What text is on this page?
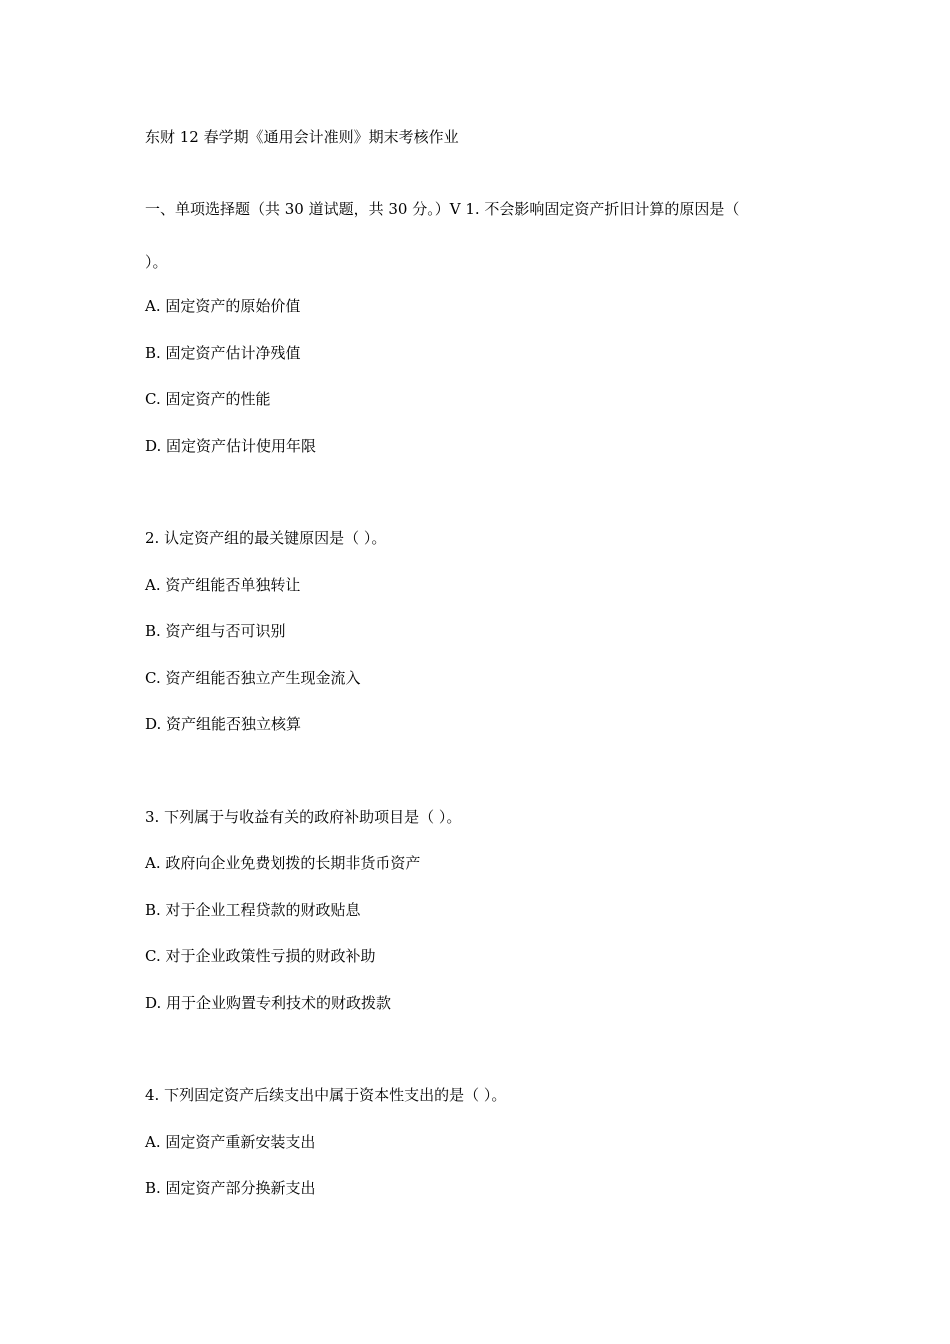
东财 12 春学期《通用会计准则》期末考核作业
一、单项选择题（共 30 道试题，共 30 分。）V 1. 不会影响固定资产折旧计算的原因是（
）。
A. 固定资产的原始价值
B. 固定资产估计净残值
C. 固定资产的性能
D. 固定资产估计使用年限
2. 认定资产组的最关键原因是（ ）。
A. 资产组能否单独转让
B. 资产组与否可识别
C. 资产组能否独立产生现金流入
D. 资产组能否独立核算
3. 下列属于与收益有关的政府补助项目是（ ）。
A. 政府向企业免费划拨的长期非货币资产
B. 对于企业工程贷款的财政贴息
C. 对于企业政策性亏损的财政补助
D. 用于企业购置专利技术的财政拨款
4. 下列固定资产后续支出中属于资本性支出的是（ ）。
A. 固定资产重新安装支出
B. 固定资产部分换新支出
